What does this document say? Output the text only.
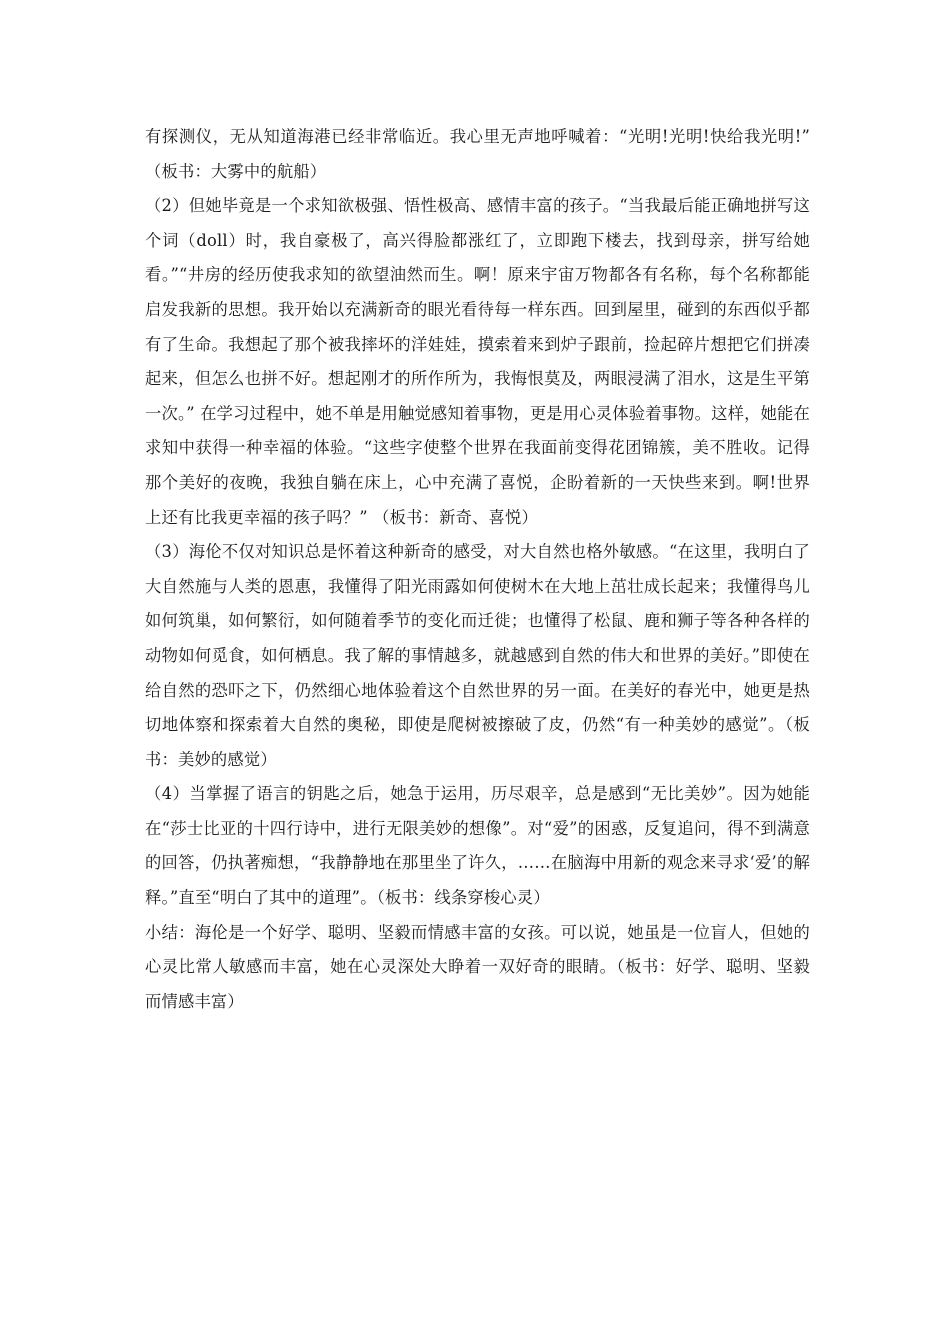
有探测仪，无从知道海港已经非常临近。我心里无声地呼喊着：“光明!光明!快给我光明!” （板书：大雾中的航船）

（2）但她毕竟是一个求知欲极强、悟性极高、感情丰富的孩子。“当我最后能正确地拼写这个词（doll）时，我自豪极了，高兴得脸都涨红了，立即跑下楼去，找到母亲，拼写给她看。”“井房的经历使我求知的欲望油然而生。啊！原来宇宙万物都各有名称，每个名称都能启发我新的思想。我开始以充满新奇的眼光看待每一样东西。回到屋里，碰到的东西似乎都有了生命。我想起了那个被我摔坏的洋娃娃，摸索着来到炉子跟前，捡起碎片想把它们拼凑起来，但怎么也拼不好。想起刚才的所作所为，我悔恨莫及，两眼浸满了泪水，这是生平第一次。” 在学习过程中，她不单是用触觉感知着事物，更是用心灵体验着事物。这样，她能在求知中获得一种幸福的体验。“这些字使整个世界在我面前变得花团锦簇，美不胜收。记得那个美好的夜晚，我独自躺在床上，心中充满了喜悦，企盼着新的一天快些来到。啊!世界上还有比我更幸福的孩子吗？” （板书：新奇、喜悦）

（3）海伦不仅对知识总是怀着这种新奇的感受，对大自然也格外敏感。“在这里，我明白了大自然施与人类的恩惠，我懂得了阳光雨露如何使树木在大地上茁壮成长起来；我懂得鸟儿如何筑巢，如何繁衍，如何随着季节的变化而迁徙；也懂得了松鼠、鹿和狮子等各种各样的动物如何觅食，如何栖息。我了解的事情越多，就越感到自然的伟大和世界的美好。”即使在给自然的恐吓之下，仍然细心地体验着这个自然世界的另一面。在美好的春光中，她更是热切地体察和探索着大自然的奥秘，即使是爬树被擦破了皮，仍然“有一种美妙的感觉”。（板书：美妙的感觉）

（4）当掌握了语言的钥匙之后，她急于运用，历尽艰辛，总是感到“无比美妙”。因为她能在“莎士比亚的十四行诗中，进行无限美妙的想像”。对“爱”的困惑，反复追问，得不到满意的回答，仍执著痴想，“我静静地在那里坐了许久，……在脑海中用新的观念来寻求‘爱’的解释。”直至“明白了其中的道理”。（板书：线条穿梭心灵）

小结：海伦是一个好学、聪明、坚毅而情感丰富的女孩。可以说，她虽是一位盲人，但她的心灵比常人敏感而丰富，她在心灵深处大睁着一双好奇的眼睛。（板书：好学、聪明、坚毅而情感丰富）
